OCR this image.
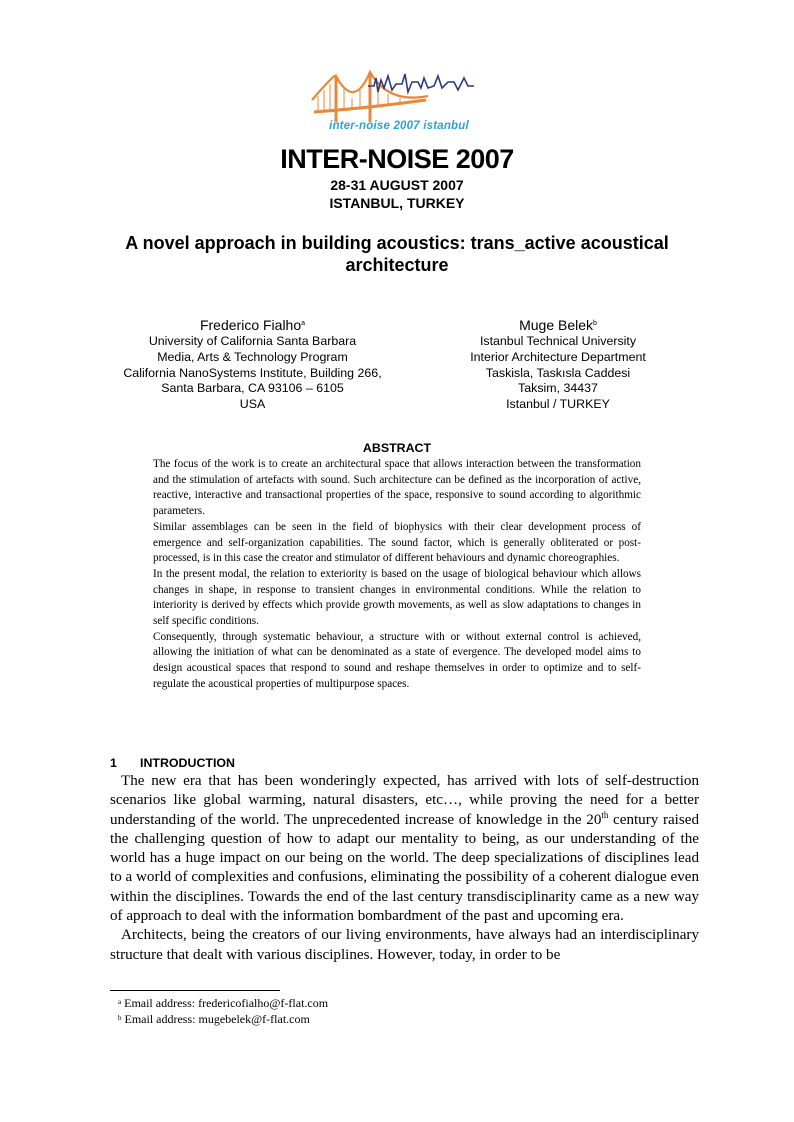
inter-noise 2007 istanbul
INTER-NOISE 2007
28-31 AUGUST 2007
ISTANBUL, TURKEY
A novel approach in building acoustics: trans_active acoustical architecture
Frederico Fialho$^a$
University of California Santa Barbara
Media, Arts & Technology Program
California NanoSystems Institute, Building 266,
Santa Barbara, CA 93106 – 6105
USA
Muge Belek$^b$
Istanbul Technical University
Interior Architecture Department
Taskisla, Taskısla Caddesi
Taksim, 34437
Istanbul / TURKEY
ABSTRACT

The focus of the work is to create an architectural space that allows interaction between the transformation and the stimulation of artefacts with sound. Such architecture can be defined as the incorporation of active, reactive, interactive and transactional properties of the space, responsive to sound according to algorithmic parameters.

Similar assemblages can be seen in the field of biophysics with their clear development process of emergence and self-organization capabilities. The sound factor, which is generally obliterated or post-processed, is in this case the creator and stimulator of different behaviours and dynamic choreographies.

In the present modal, the relation to exteriority is based on the usage of biological behaviour which allows changes in shape, in response to transient changes in environmental conditions. While the relation to interiority is derived by effects which provide growth movements, as well as slow adaptations to changes in self specific conditions.

Consequently, through systematic behaviour, a structure with or without external control is achieved, allowing the initiation of what can be denominated as a state of evergence. The developed model aims to design acoustical spaces that respond to sound and reshape themselves in order to optimize and to self-regulate the acoustical properties of multipurpose spaces.

1 INTRODUCTION

The new era that has been wonderingly expected, has arrived with lots of self-destruction scenarios like global warming, natural disasters, etc…, while proving the need for a better understanding of the world. The unprecedented increase of knowledge in the 20th century raised the challenging question of how to adapt our mentality to being, as our understanding of the world has a huge impact on our being on the world. The deep specializations of disciplines lead to a world of complexities and confusions, eliminating the possibility of a coherent dialogue even within the disciplines. Towards the end of the last century transdisciplinarity came as a new way of approach to deal with the information bombardment of the past and upcoming era.

Architects, being the creators of our living environments, have always had an interdisciplinary structure that dealt with various disciplines. However, today, in order to be

$^a$ Email address: fredericofialho@f-flat.com
$^b$ Email address: mugebelek@f-flat.com
